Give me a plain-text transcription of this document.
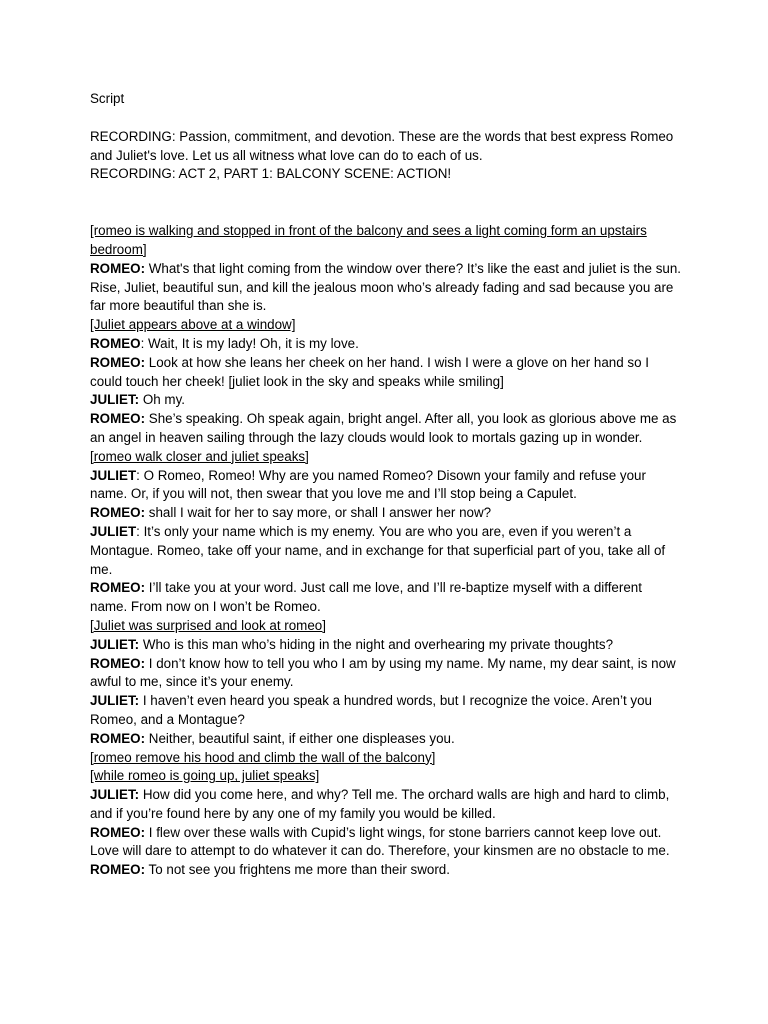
Script

RECORDING: Passion, commitment, and devotion. These are the words that best express Romeo and Juliet's love. Let us all witness what love can do to each of us.

RECORDING: ACT 2, PART 1: BALCONY SCENE: ACTION!

[romeo is walking and stopped in front of the balcony and sees a light coming form an upstairs bedroom]

ROMEO: What's that light coming from the window over there? It’s like the east and juliet is the sun. Rise, Juliet, beautiful sun, and kill the jealous moon who’s already fading and sad because you are far more beautiful than she is.

[Juliet appears above at a window]

ROMEO: Wait, It is my lady! Oh, it is my love.

ROMEO: Look at how she leans her cheek on her hand. I wish I were a glove on her hand so I could touch her cheek! [juliet look in the sky and speaks while smiling]

JULIET: Oh my.

ROMEO: She’s speaking. Oh speak again, bright angel. After all, you look as glorious above me as an angel in heaven sailing through the lazy clouds would look to mortals gazing up in wonder.

[romeo walk closer and juliet speaks]

JULIET: O Romeo, Romeo! Why are you named Romeo? Disown your family and refuse your name. Or, if you will not, then swear that you love me and I’ll stop being a Capulet.

ROMEO: shall I wait for her to say more, or shall I answer her now?

JULIET: It’s only your name which is my enemy. You are who you are, even if you weren’t a Montague. Romeo, take off your name, and in exchange for that superficial part of you, take all of me.

ROMEO: I’ll take you at your word. Just call me love, and I’ll re-baptize myself with a different name. From now on I won’t be Romeo.

[Juliet was surprised and look at romeo]

JULIET: Who is this man who’s hiding in the night and overhearing my private thoughts?

ROMEO: I don’t know how to tell you who I am by using my name. My name, my dear saint, is now awful to me, since it’s your enemy.

JULIET: I haven’t even heard you speak a hundred words, but I recognize the voice. Aren’t you Romeo, and a Montague?

ROMEO: Neither, beautiful saint, if either one displeases you.

[romeo remove his hood and climb the wall of the balcony]

[while romeo is going up, juliet speaks]

JULIET: How did you come here, and why? Tell me. The orchard walls are high and hard to climb, and if you’re found here by any one of my family you would be killed.

ROMEO: I flew over these walls with Cupid’s light wings, for stone barriers cannot keep love out. Love will dare to attempt to do whatever it can do. Therefore, your kinsmen are no obstacle to me.

ROMEO: To not see you frightens me more than their sword.
